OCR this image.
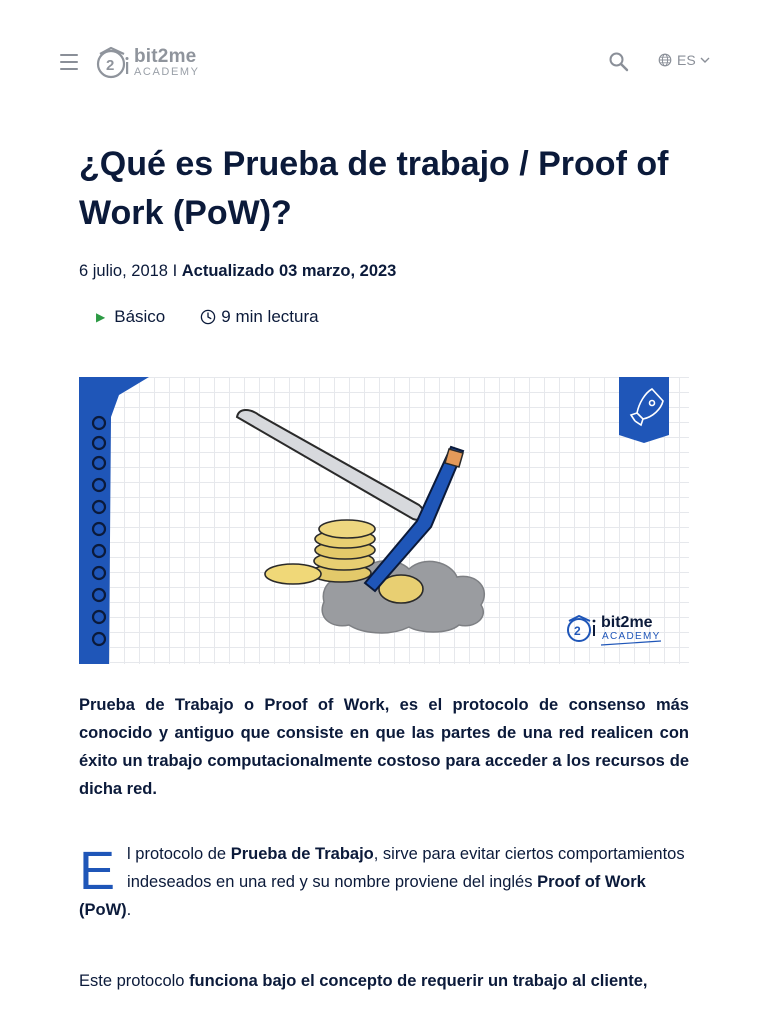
2 bit2me
ACADEMY
ES
¿Qué es Prueba de trabajo / Proof of Work (PoW)?
6 julio, 2018 I Actualizado 03 marzo, 2023
▶ Básico	9 min lectura
2 bit2me
ACADEMY

Prueba de Trabajo o Proof of Work, es el protocolo de consenso más conocido y antiguo que consiste en que las partes de una red realicen con éxito un trabajo computacionalmente costoso para acceder a los recursos de dicha red.

El protocolo de Prueba de Trabajo, sirve para evitar ciertos comportamientos indeseados en una red y su nombre proviene del inglés Proof of Work (PoW).

Este protocolo funciona bajo el concepto de requerir un trabajo al cliente,
